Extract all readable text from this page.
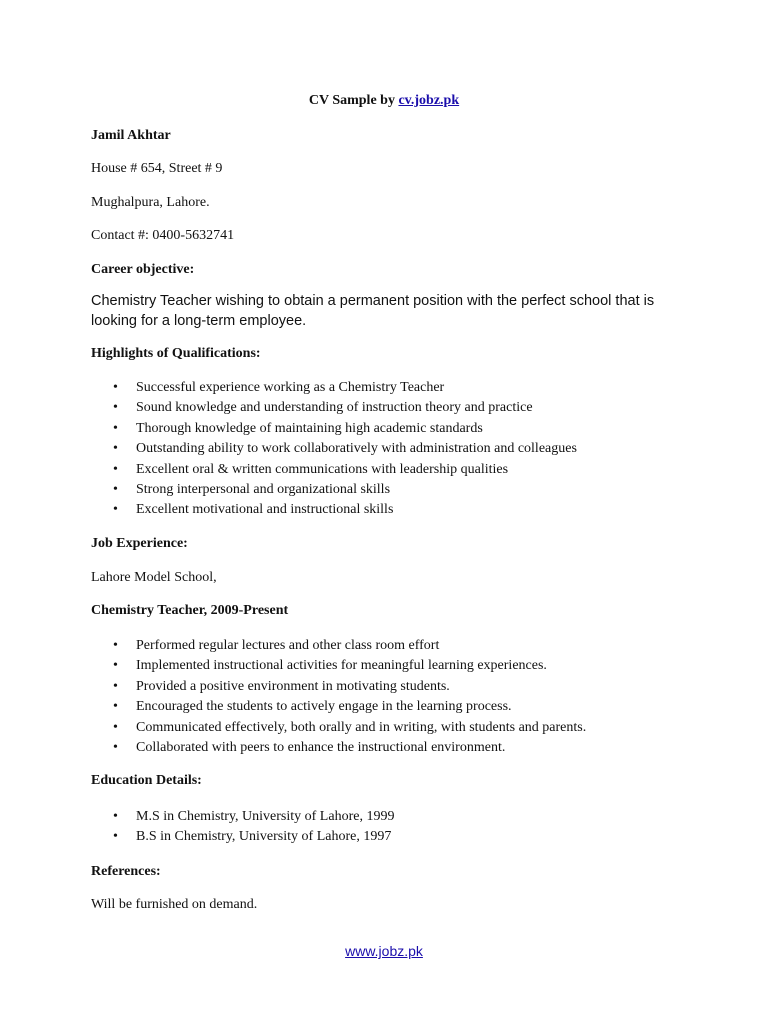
CV Sample by cv.jobz.pk
Jamil Akhtar
House # 654, Street # 9
Mughalpura, Lahore.
Contact #: 0400-5632741
Career objective:
Chemistry Teacher wishing to obtain a permanent position with the perfect school that is looking for a long-term employee.
Highlights of Qualifications:
• Successful experience working as a Chemistry Teacher
• Sound knowledge and understanding of instruction theory and practice
• Thorough knowledge of maintaining high academic standards
• Outstanding ability to work collaboratively with administration and colleagues
• Excellent oral & written communications with leadership qualities
• Strong interpersonal and organizational skills
• Excellent motivational and instructional skills
Job Experience:
Lahore Model School,
Chemistry Teacher, 2009-Present
• Performed regular lectures and other class room effort
• Implemented instructional activities for meaningful learning experiences.
• Provided a positive environment in motivating students.
• Encouraged the students to actively engage in the learning process.
• Communicated effectively, both orally and in writing, with students and parents.
• Collaborated with peers to enhance the instructional environment.
Education Details:
• M.S in Chemistry, University of Lahore, 1999
• B.S in Chemistry, University of Lahore, 1997
References:
Will be furnished on demand.
www.jobz.pk
